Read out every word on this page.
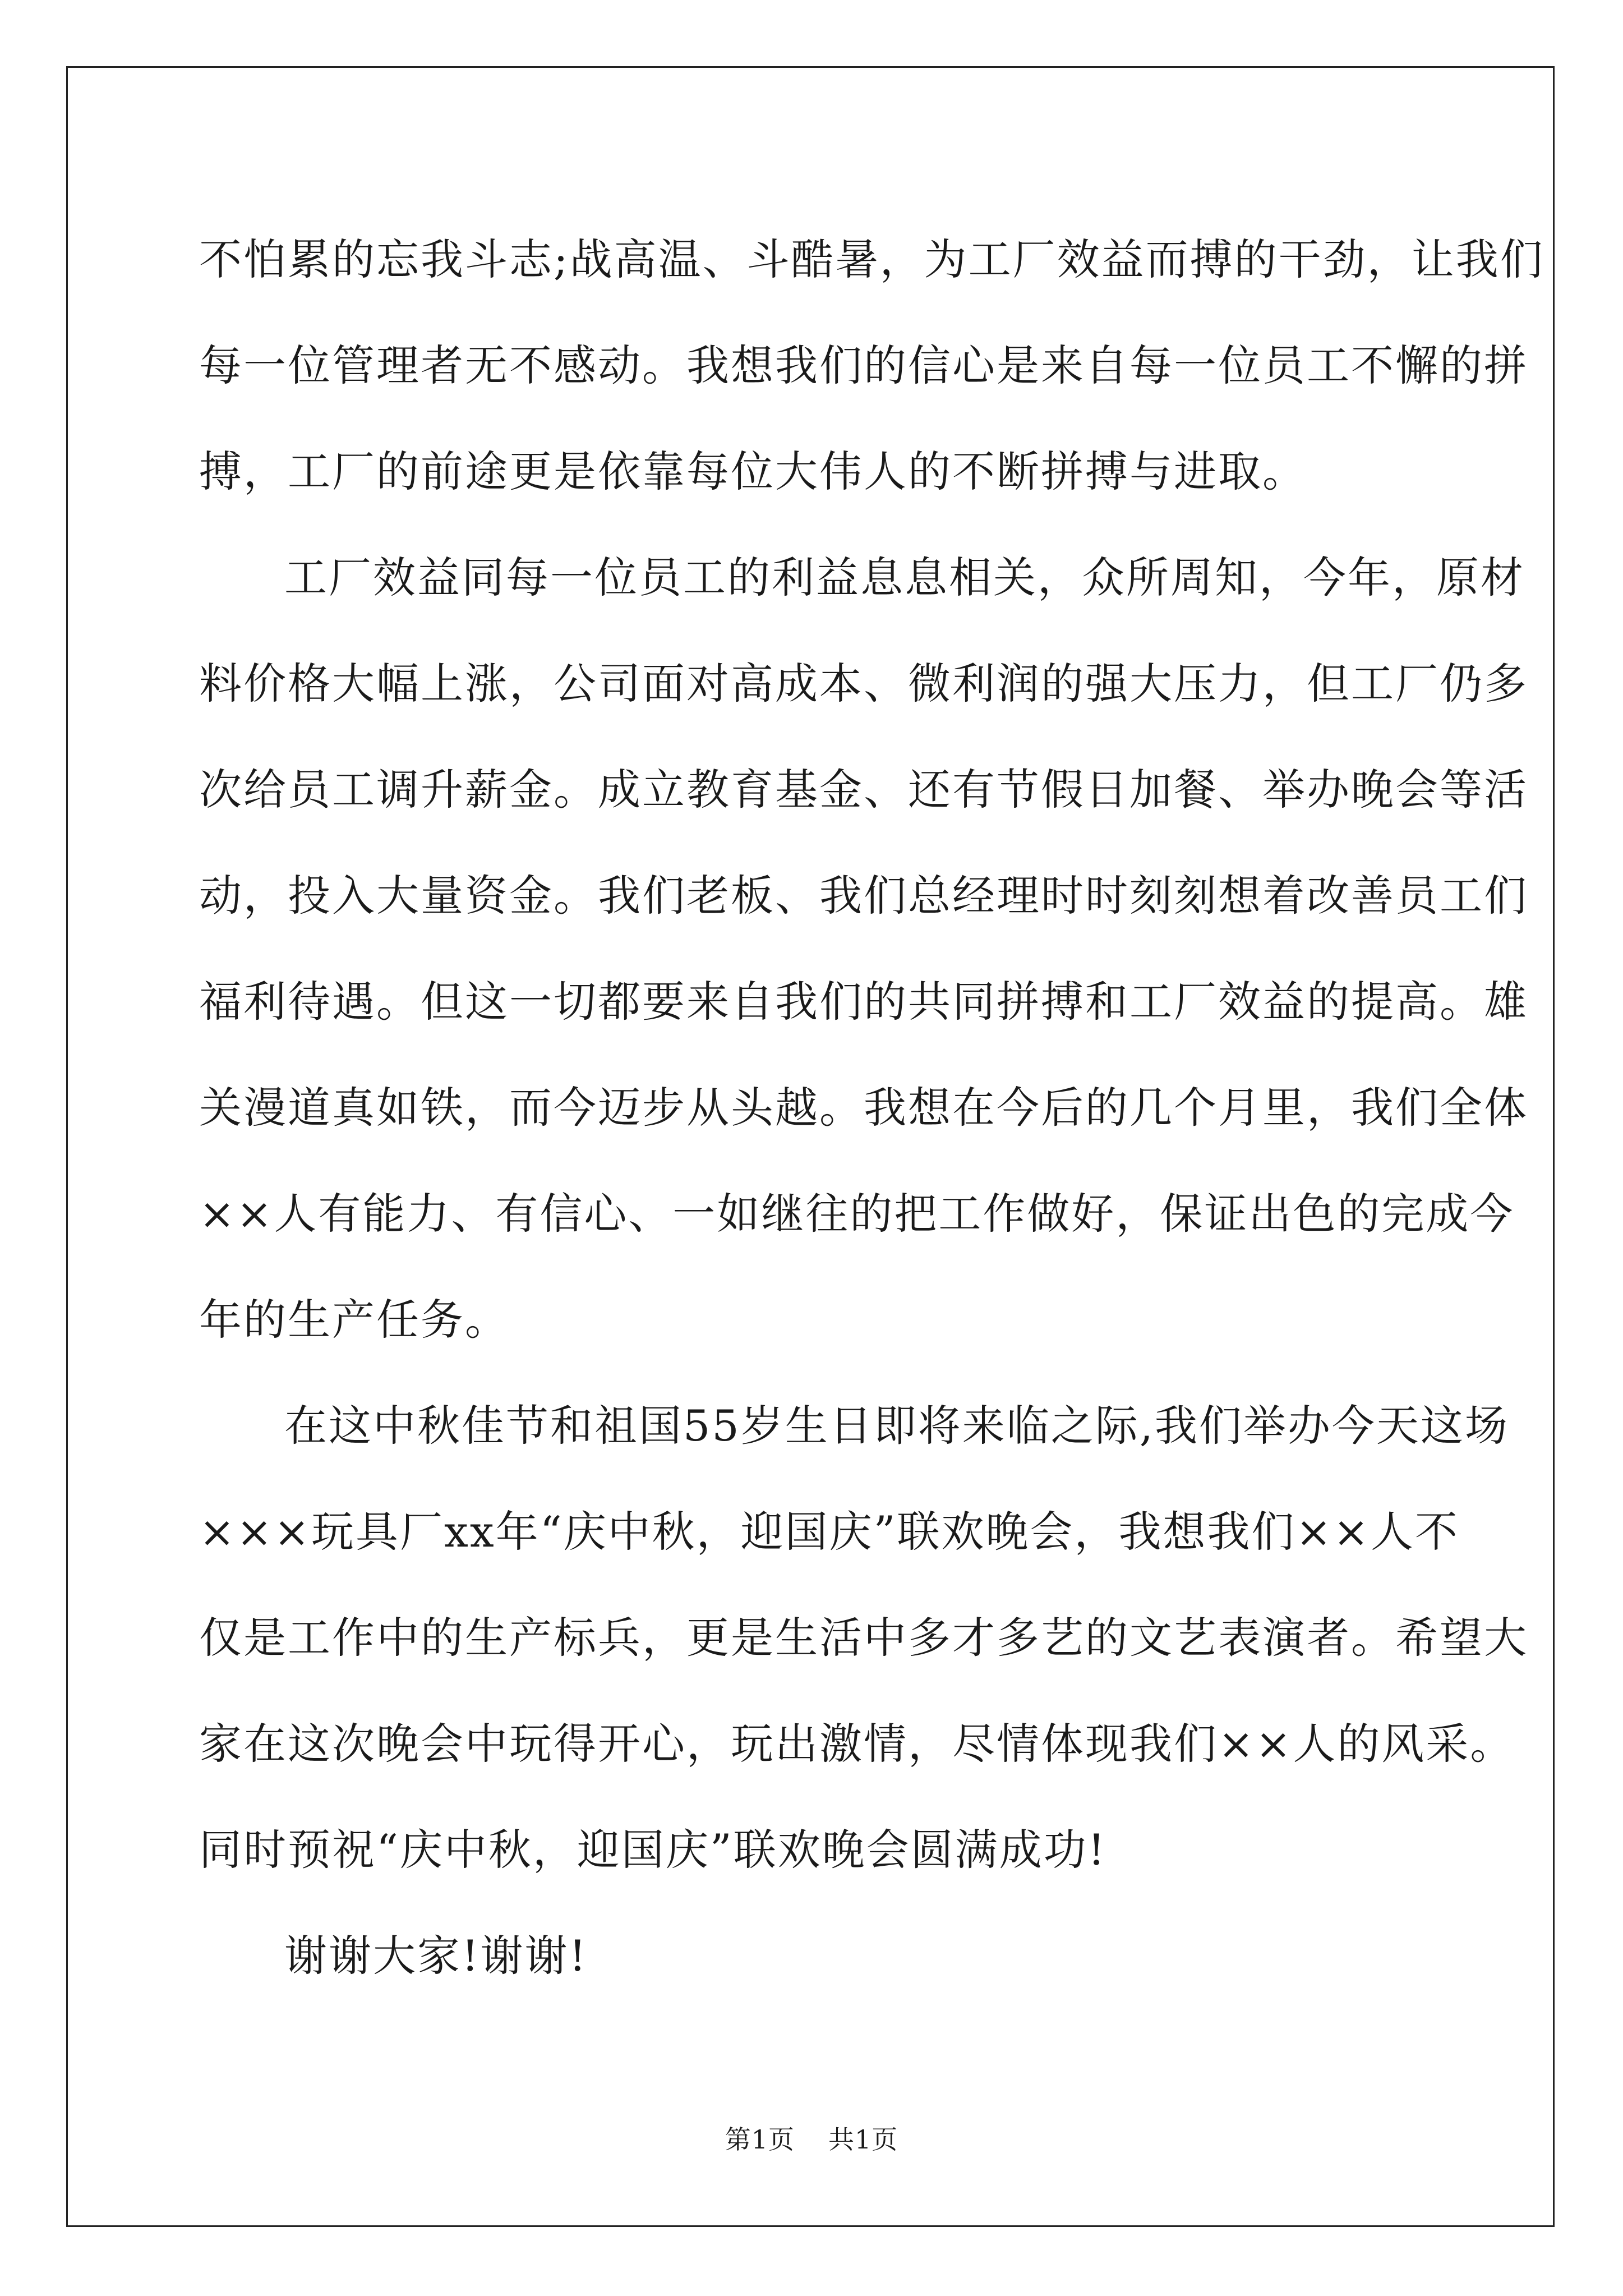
不怕累的忘我斗志;战高温、斗酷暑，为工厂效益而搏的干劲，让我们
每一位管理者无不感动。我想我们的信心是来自每一位员工不懈的拼
搏，工厂的前途更是依靠每位大伟人的不断拼搏与进取。
工厂效益同每一位员工的利益息息相关，众所周知，今年，原材
料价格大幅上涨，公司面对高成本、微利润的强大压力，但工厂仍多
次给员工调升薪金。成立教育基金、还有节假日加餐、举办晚会等活
动，投入大量资金。我们老板、我们总经理时时刻刻想着改善员工们
福利待遇。但这一切都要来自我们的共同拼搏和工厂效益的提高。雄
关漫道真如铁，而今迈步从头越。我想在今后的几个月里，我们全体
××人有能力、有信心、一如继往的把工作做好，保证出色的完成今
年的生产任务。
在这中秋佳节和祖国55岁生日即将来临之际,我们举办今天这场
×××玩具厂xx年“庆中秋，迎国庆”联欢晚会，我想我们××人不
仅是工作中的生产标兵，更是生活中多才多艺的文艺表演者。希望大
家在这次晚会中玩得开心，玩出激情，尽情体现我们××人的风采。
同时预祝“庆中秋，迎国庆”联欢晚会圆满成功!
谢谢大家!谢谢!
第1页 共1页
